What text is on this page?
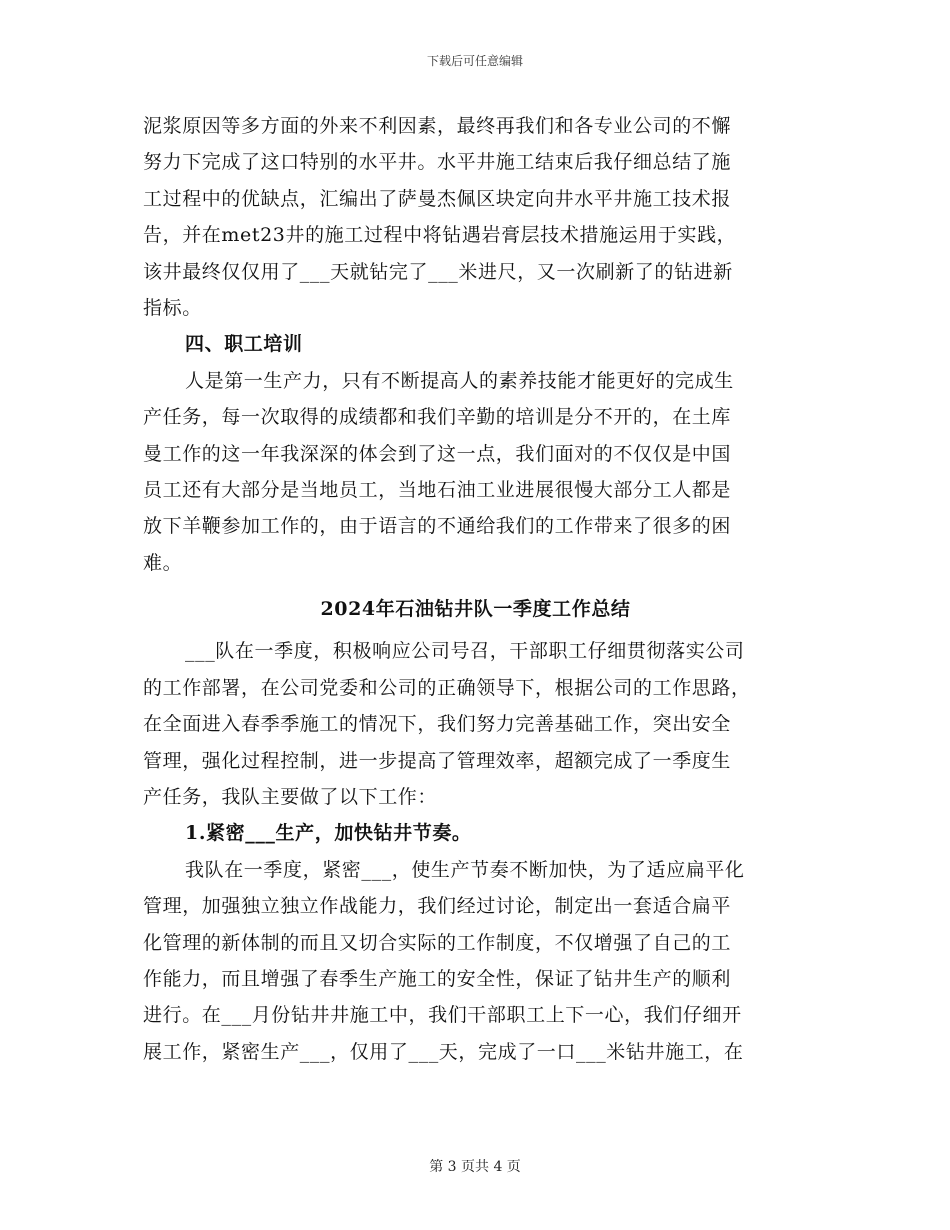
下载后可任意编辑
泥浆原因等多方面的外来不利因素，最终再我们和各专业公司的不懈
努力下完成了这口特别的水平井。水平井施工结束后我仔细总结了施
工过程中的优缺点，汇编出了萨曼杰佩区块定向井水平井施工技术报
告，并在met23井的施工过程中将钻遇岩膏层技术措施运用于实践，
该井最终仅仅用了___天就钻完了___米进尺，又一次刷新了的钻进新
指标。
四、职工培训
人是第一生产力，只有不断提高人的素养技能才能更好的完成生
产任务，每一次取得的成绩都和我们辛勤的培训是分不开的，在土库
曼工作的这一年我深深的体会到了这一点，我们面对的不仅仅是中国
员工还有大部分是当地员工，当地石油工业进展很慢大部分工人都是
放下羊鞭参加工作的，由于语言的不通给我们的工作带来了很多的困
难。
2024年石油钻井队一季度工作总结
___队在一季度，积极响应公司号召，干部职工仔细贯彻落实公司
的工作部署，在公司党委和公司的正确领导下，根据公司的工作思路，
在全面进入春季季施工的情况下，我们努力完善基础工作，突出安全
管理，强化过程控制，进一步提高了管理效率，超额完成了一季度生
产任务，我队主要做了以下工作：
1.紧密___生产，加快钻井节奏。
我队在一季度，紧密___，使生产节奏不断加快，为了适应扁平化
管理，加强独立独立作战能力，我们经过讨论，制定出一套适合扁平
化管理的新体制的而且又切合实际的工作制度，不仅增强了自己的工
作能力，而且增强了春季生产施工的安全性，保证了钻井生产的顺利
进行。在___月份钻井井施工中，我们干部职工上下一心，我们仔细开
展工作，紧密生产___，仅用了___天，完成了一口___米钻井施工，在
第 3 页共 4 页
